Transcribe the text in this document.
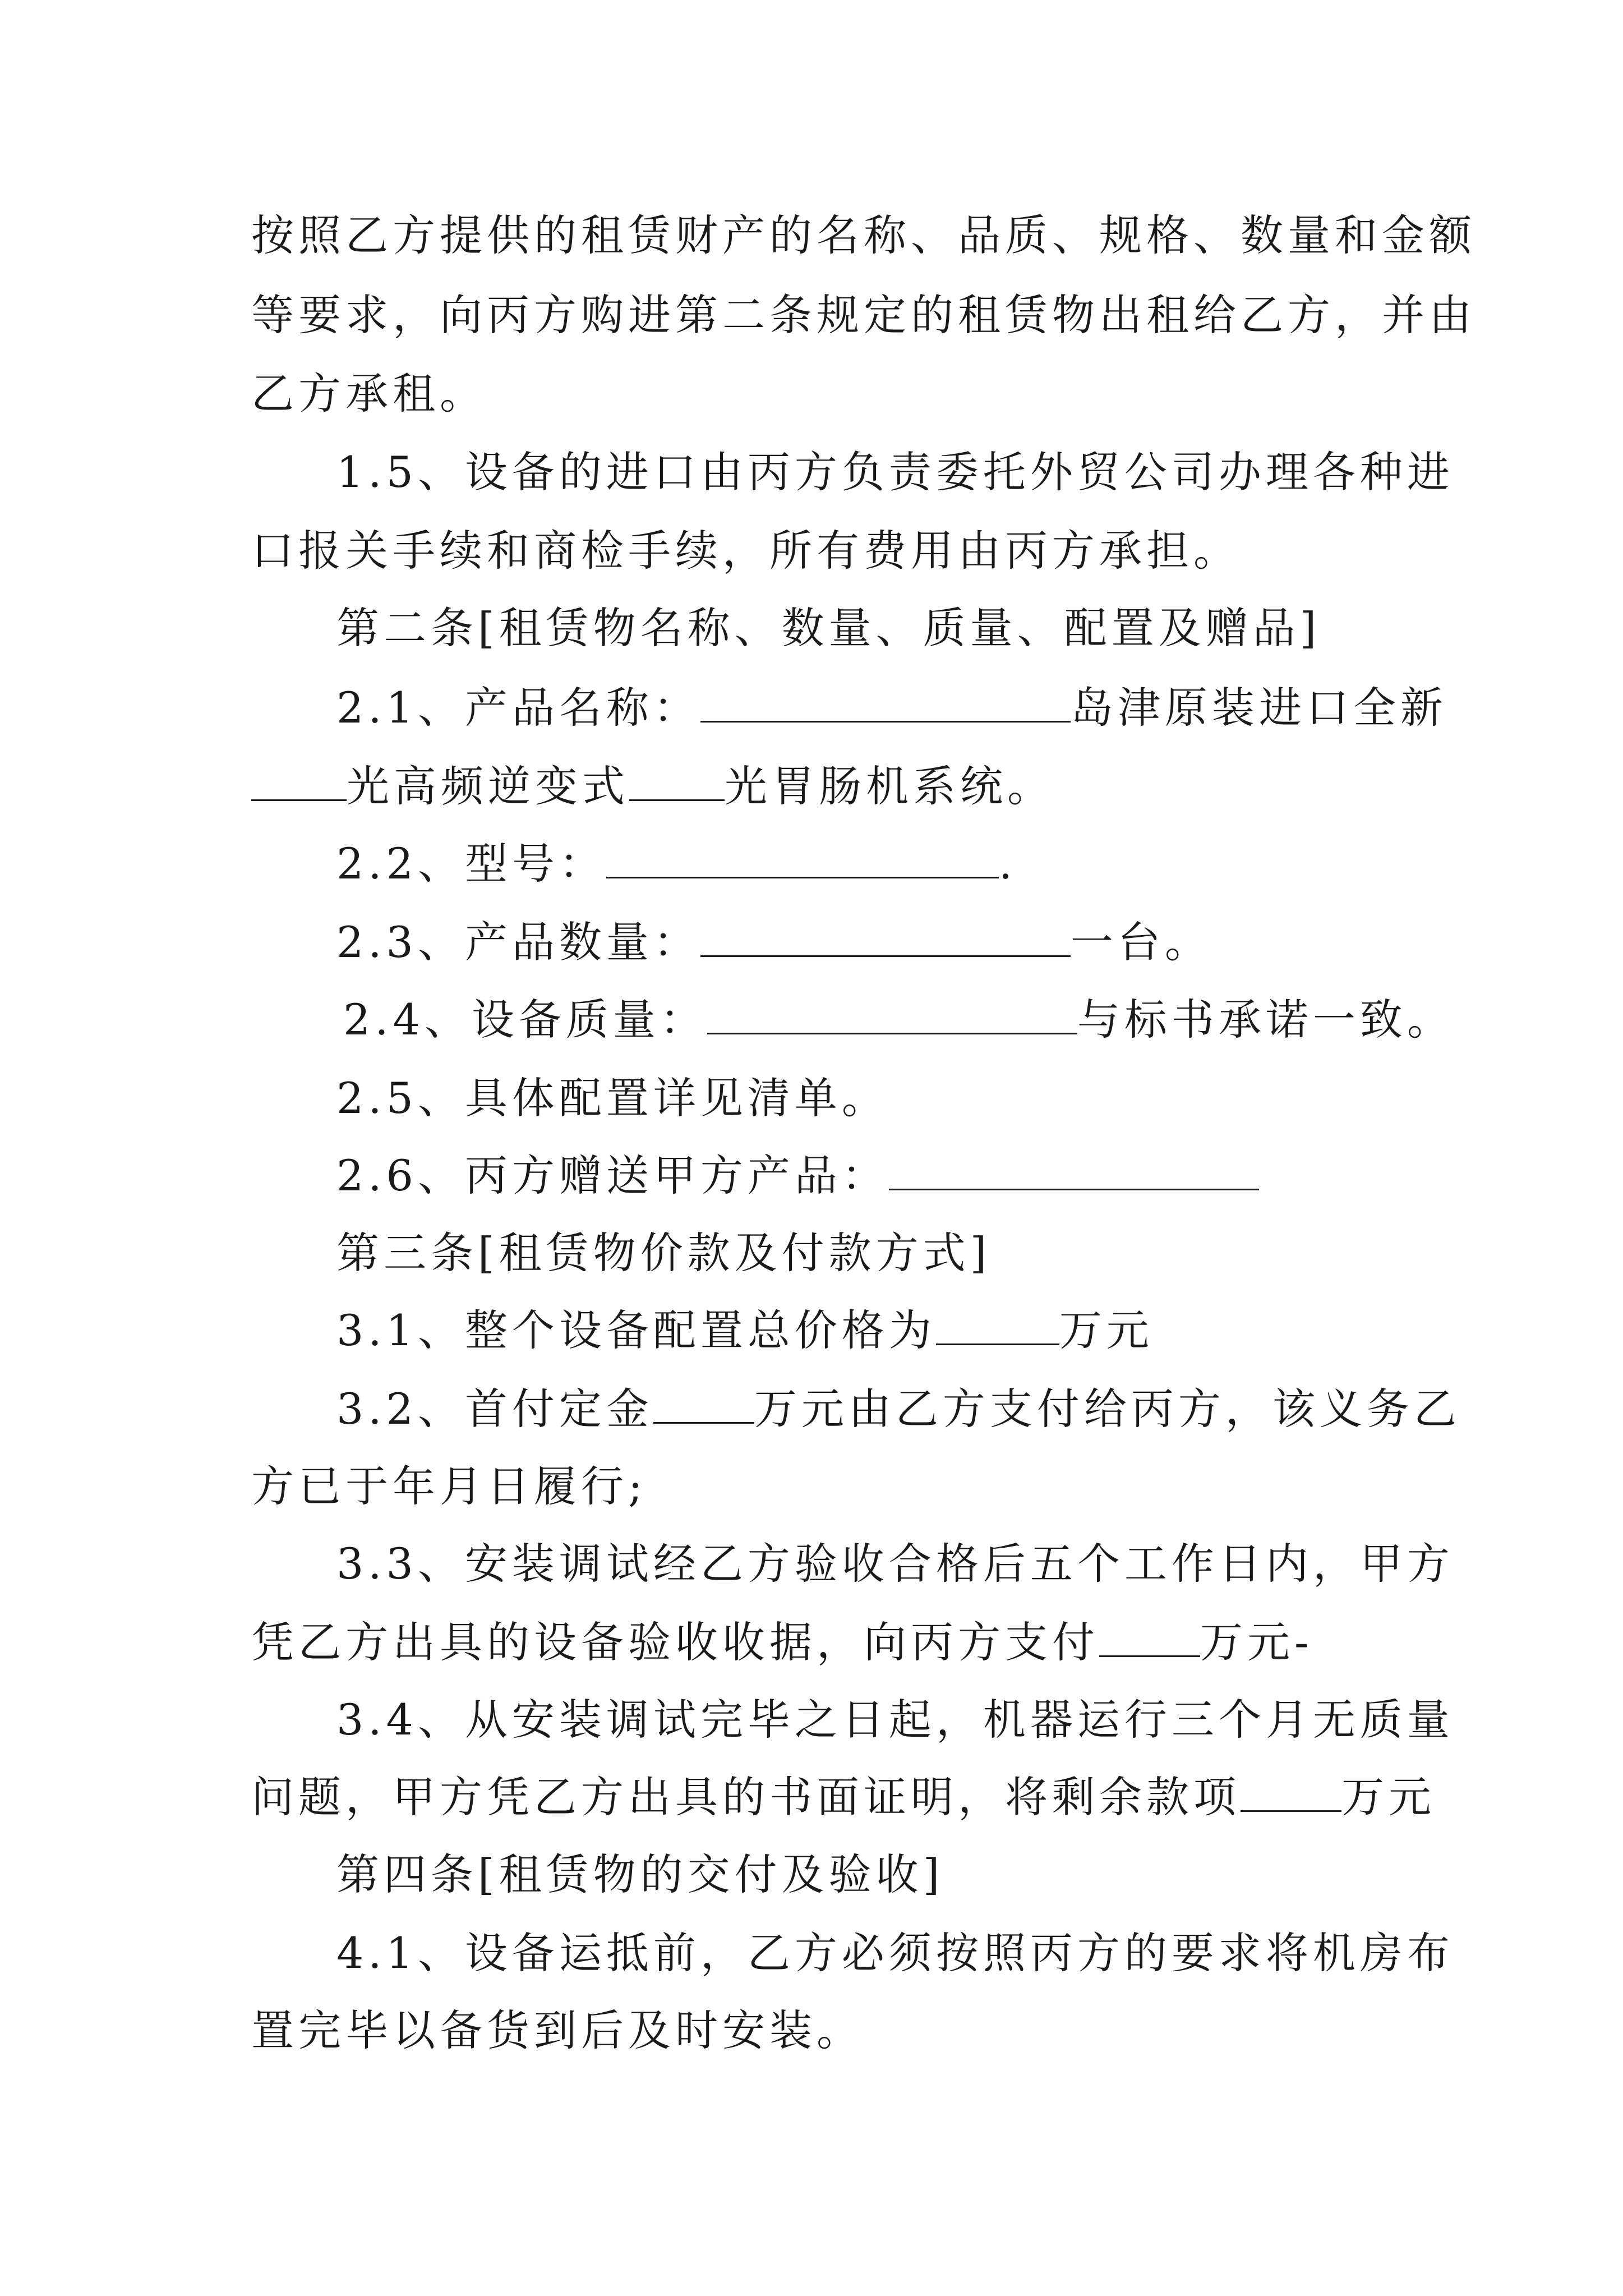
按照乙方提供的租赁财产的名称、品质、规格、数量和金额
等要求，向丙方购进第二条规定的租赁物出租给乙方，并由
乙方承租。
1.5、设备的进口由丙方负责委托外贸公司办理各种进
口报关手续和商检手续，所有费用由丙方承担。
第二条[租赁物名称、数量、质量、配置及赠品]
2.1、产品名称：	岛津原装进口全新
光高频逆变式 光胃肠机系统。
2.2、型号：	.
2.3、产品数量：	一台。
2.4、设备质量：	与标书承诺一致。
2.5、具体配置详见清单。
2.6、丙方赠送甲方产品：
第三条[租赁物价款及付款方式]
3.1、整个设备配置总价格为	万元
3.2、首付定金 万元由乙方支付给丙方，该义务乙
方已于年月日履行;
3.3、安装调试经乙方验收合格后五个工作日内，甲方
凭乙方出具的设备验收收据，向丙方支付 万元-
3.4、从安装调试完毕之日起，机器运行三个月无质量
问题，甲方凭乙方出具的书面证明，将剩余款项 万元
第四条[租赁物的交付及验收]
4.1、设备运抵前，乙方必须按照丙方的要求将机房布
置完毕以备货到后及时安装。
